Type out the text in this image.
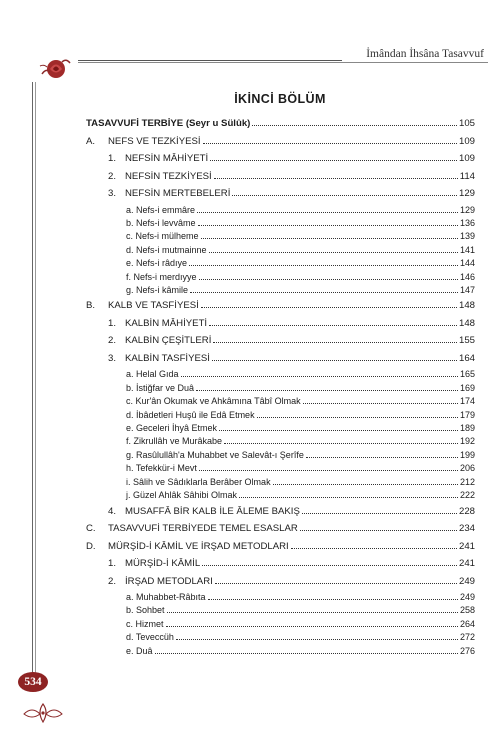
İmândan İhsâna Tasavvuf
İKİNCİ BÖLÜM
TASAVVUFİ TERBİYE (Seyr u Sülûk)	105
A.	NEFS VE TEZKİYESİ	109
1. NEFSİN MÂHİYETİ	109
2. NEFSİN TEZKİYESİ	114
3. NEFSİN MERTEBELERİ	129
a. Nefs-i emmâre	129
b. Nefs-i levvâme	136
c. Nefs-i mülheme	139
d. Nefs-i mutmainne	141
e. Nefs-i râdıye	144
f. Nefs-i merdıyye	146
g. Nefs-i kâmile	147
B.	KALB VE TASFİYESİ	148
1. KALBİN MÂHİYETİ	148
2. KALBİN ÇEŞİTLERİ	155
3. KALBİN TASFİYESİ	164
a. Helal Gıda	165
b. İstiğfar ve Duâ	169
c. Kur'ân Okumak ve Ahkâmına Tâbî Olmak	174
d. İbâdetleri Huşû ile Edâ Etmek	179
e. Geceleri İhyâ Etmek	189
f. Zikrullâh ve Murâkabe	192
g. Rasûlullâh'a Muhabbet ve Salevât-ı Şerîfe	199
h. Tefekkür-i Mevt	206
i. Sâlih ve Sâdıklarla Berâber Olmak	212
j. Güzel Ahlâk Sâhibi Olmak	222
4. MUSAFFÂ BİR KALB İLE ÂLEME BAKIŞ	228
C.	TASAVVUFİ TERBİYEDE TEMEL ESASLAR	234
D.	MÜRŞİD-İ KÂMİL VE İRŞAD METODLARI	241
1. MÜRŞİD-İ KÂMİL	241
2. İRŞAD METODLARI	249
a. Muhabbet-Râbıta	249
b. Sohbet	258
c. Hizmet	264
d. Teveccüh	272
e. Duâ	276
534
